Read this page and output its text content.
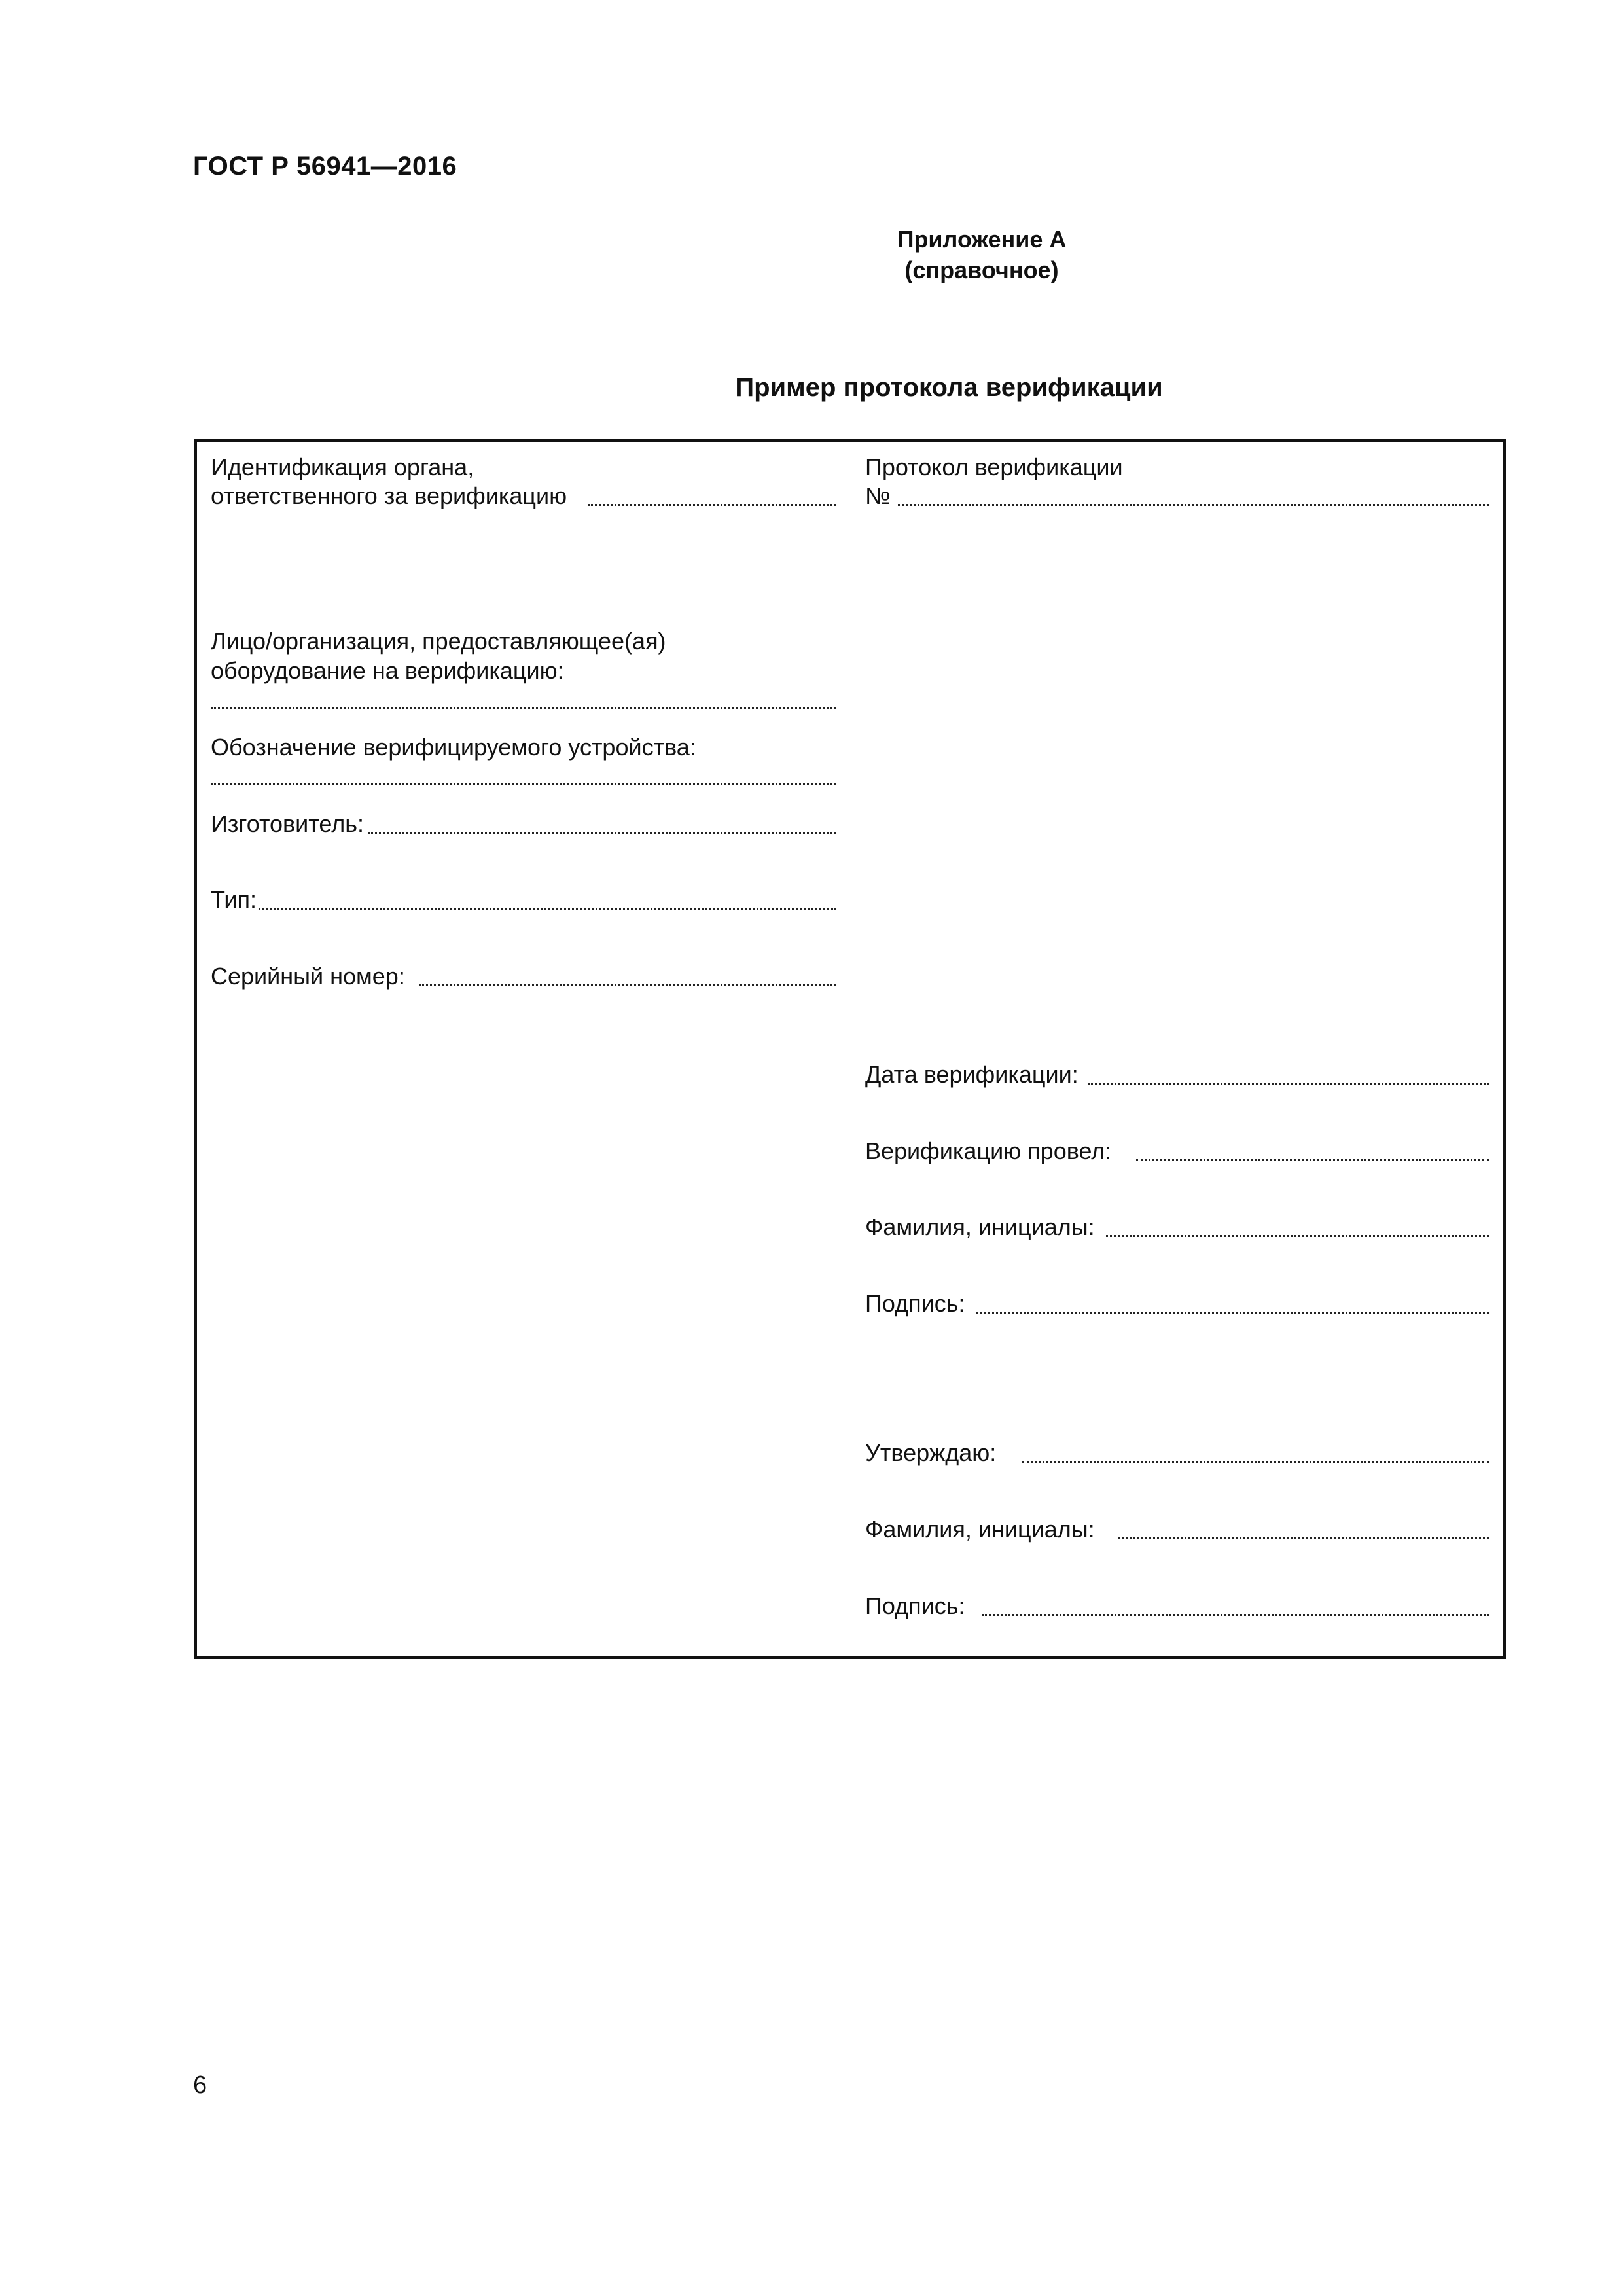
ГОСТ Р 56941—2016
Приложение А
(справочное)
Пример протокола верификации
Идентификация органа,
ответственного за верификацию
Лицо/организация, предоставляющее(ая)
оборудование на верификацию:
Обозначение верифицируемого устройства:
Изготовитель:
Тип:
Серийный номер:
Протокол верификации
№
Дата верификации:
Верификацию провел:
Фамилия, инициалы:
Подпись:
Утверждаю:
Фамилия, инициалы:
Подпись:
6
